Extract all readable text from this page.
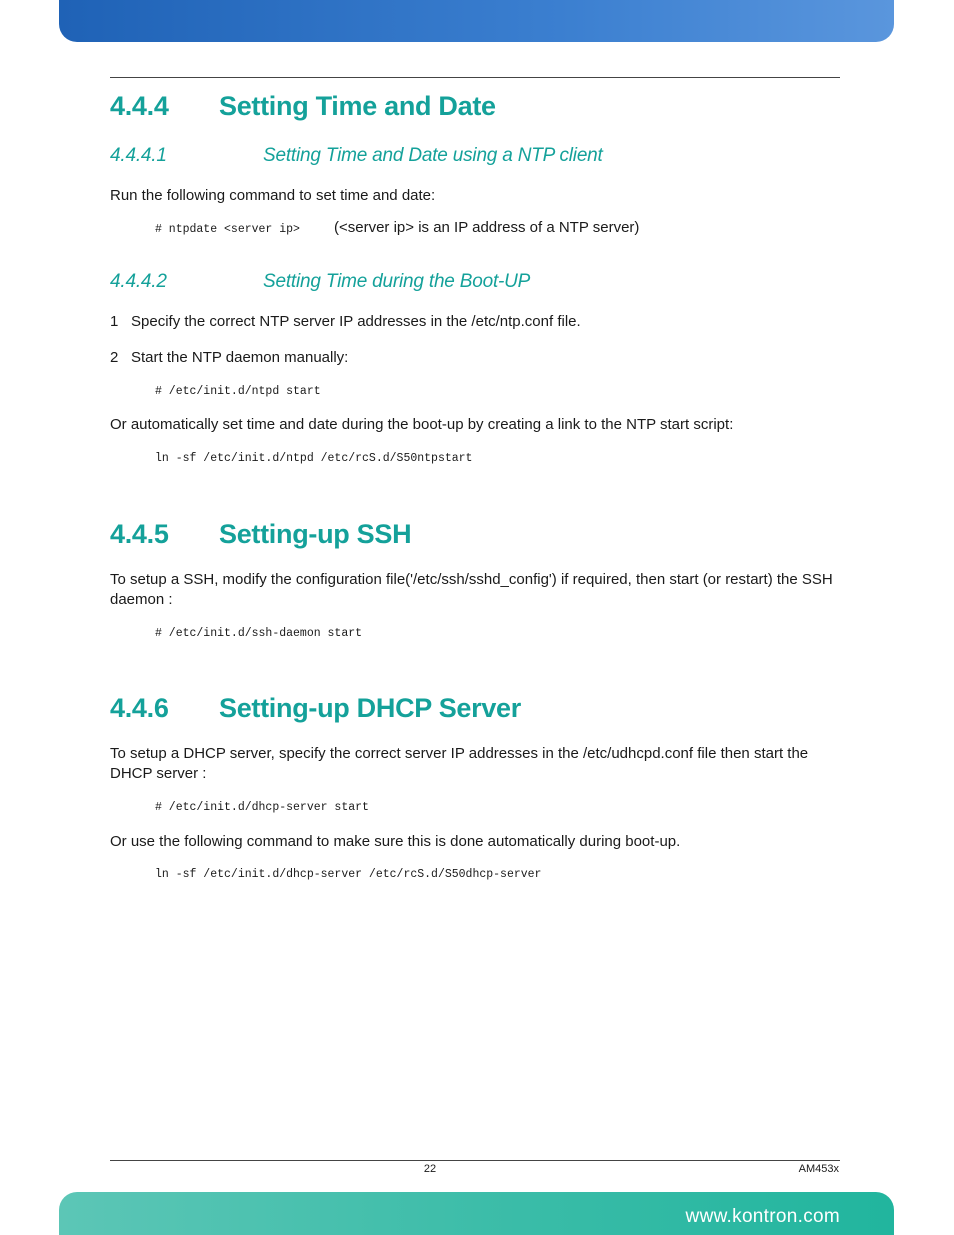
4.4.4 Setting Time and Date
4.4.4.1	Setting Time and Date using a NTP client

Run the following command to set time and date:

# ntpdate <server ip> (<server ip> is an IP address of a NTP server)
4.4.4.2	Setting Time during the Boot-UP
1 Specify the correct NTP server IP addresses in the /etc/ntp.conf file.
2 Start the NTP daemon manually:
# /etc/init.d/ntpd start

Or automatically set time and date during the boot-up by creating a link to the NTP start script:

ln -sf /etc/init.d/ntpd /etc/rcS.d/S50ntpstart
4.4.5 Setting-up SSH

To setup a SSH, modify the configuration file('/etc/ssh/sshd_config') if required, then start (or restart) the SSH daemon :

# /etc/init.d/ssh-daemon start
4.4.6 Setting-up DHCP Server

To setup a DHCP server, specify the correct server IP addresses in the /etc/udhcpd.conf file then start the DHCP server :

# /etc/init.d/dhcp-server start

Or use the following command to make sure this is done automatically during boot-up.

ln -sf /etc/init.d/dhcp-server /etc/rcS.d/S50dhcp-server
22	AM453x
www.kontron.com
